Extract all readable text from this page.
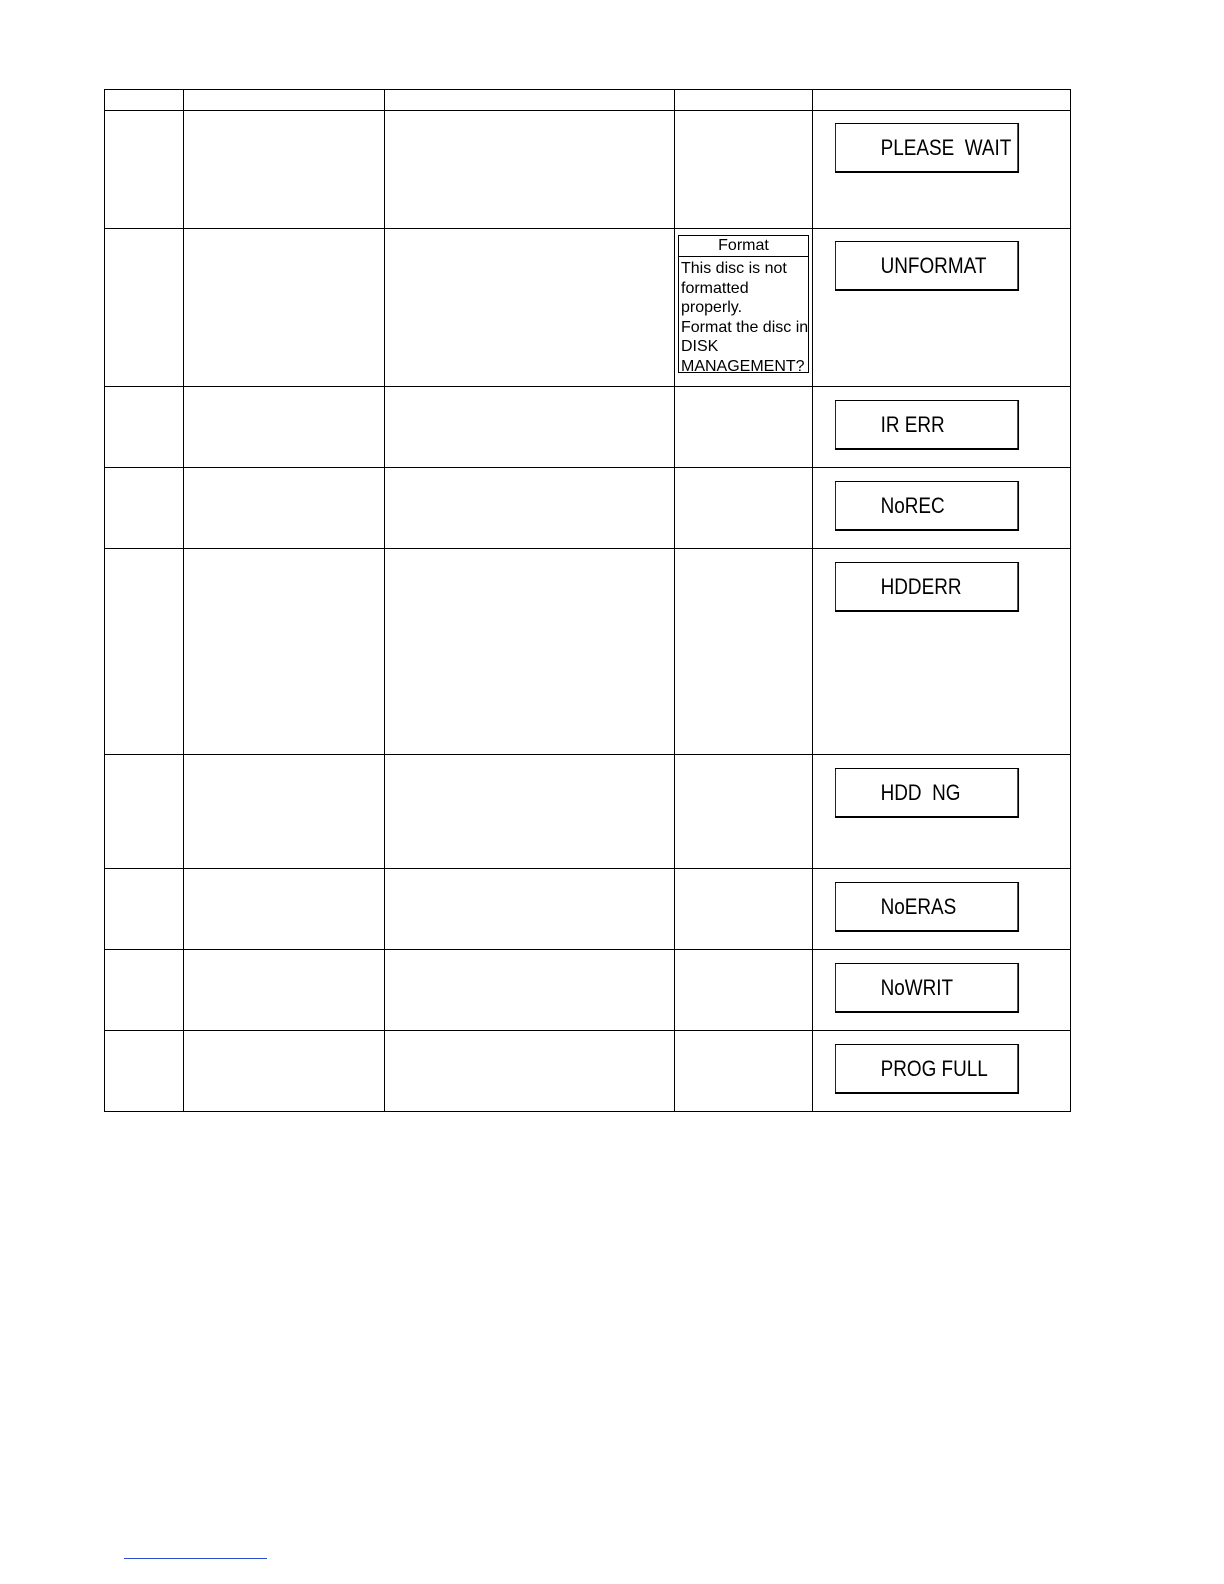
PLEASE  WAIT
UNFORMAT
IR ERR
NoREC
HDDERR
HDD  NG
NoERAS
NoWRIT
PROG FULL
Format
This disc is not
formatted
properly.
Format the disc in
DISK
MANAGEMENT?
